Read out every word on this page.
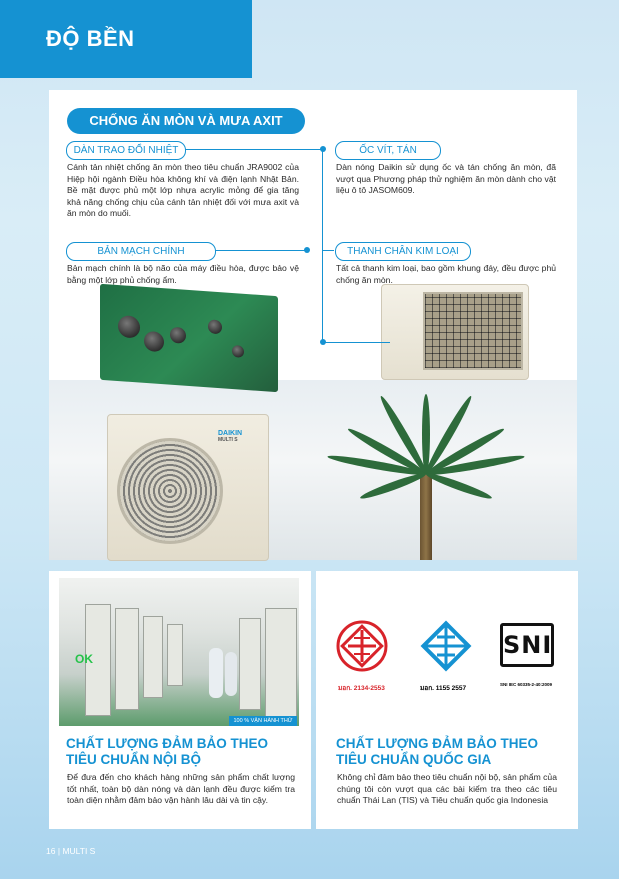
ĐỘ BỀN
DAIKIN
MULTI S
CHỐNG ĂN MÒN VÀ MƯA AXIT
DÀN TRAO ĐỔI NHIỆT
Cánh tản nhiệt chống ăn mòn theo tiêu chuẩn JRA9002 của Hiệp hội ngành Điều hòa không khí và điện lạnh Nhật Bản. Bề mặt được phủ một lớp nhựa acrylic mỏng để gia tăng khả năng chống chịu của cánh tản nhiệt đối với mưa axit và ăn mòn do muối.
ỐC VÍT, TÁN
Dàn nóng Daikin sử dụng ốc và tán chống ăn mòn, đã vượt qua Phương pháp thử nghiệm ăn mòn dành cho vật liệu ô tô JASOM609.
BẢN MẠCH CHÍNH
Bản mạch chính là bộ não của máy điều hòa, được bảo vệ bằng một lớp phủ chống ẩm.
THANH CHÂN KIM LOẠI
Tất cả thanh kim loại, bao gồm khung đáy, đều được phủ chống ăn mòn.
OK
100 % VẬN HÀNH THỬ
CHẤT LƯỢNG ĐẢM BẢO THEO
TIÊU CHUẨN NỘI BỘ
Để đưa đến cho khách hàng những sản phẩm chất lượng tốt nhất, toàn bộ dàn nóng và dàn lạnh đều được kiểm tra toàn diện nhằm đảm bảo vận hành lâu dài và tin cậy.
มอก. 2134-2553	มอก. 1155 2557
SNI
SNI IEC 60335-2-40:2009
CHẤT LƯỢNG ĐẢM BẢO THEO
TIÊU CHUẨN QUỐC GIA
Không chỉ đảm bảo theo tiêu chuẩn nội bộ, sản phẩm của chúng tôi còn vượt qua các bài kiểm tra theo các tiêu chuẩn Thái Lan (TIS) và Tiêu chuẩn quốc gia Indonesia
16 | MULTI S
